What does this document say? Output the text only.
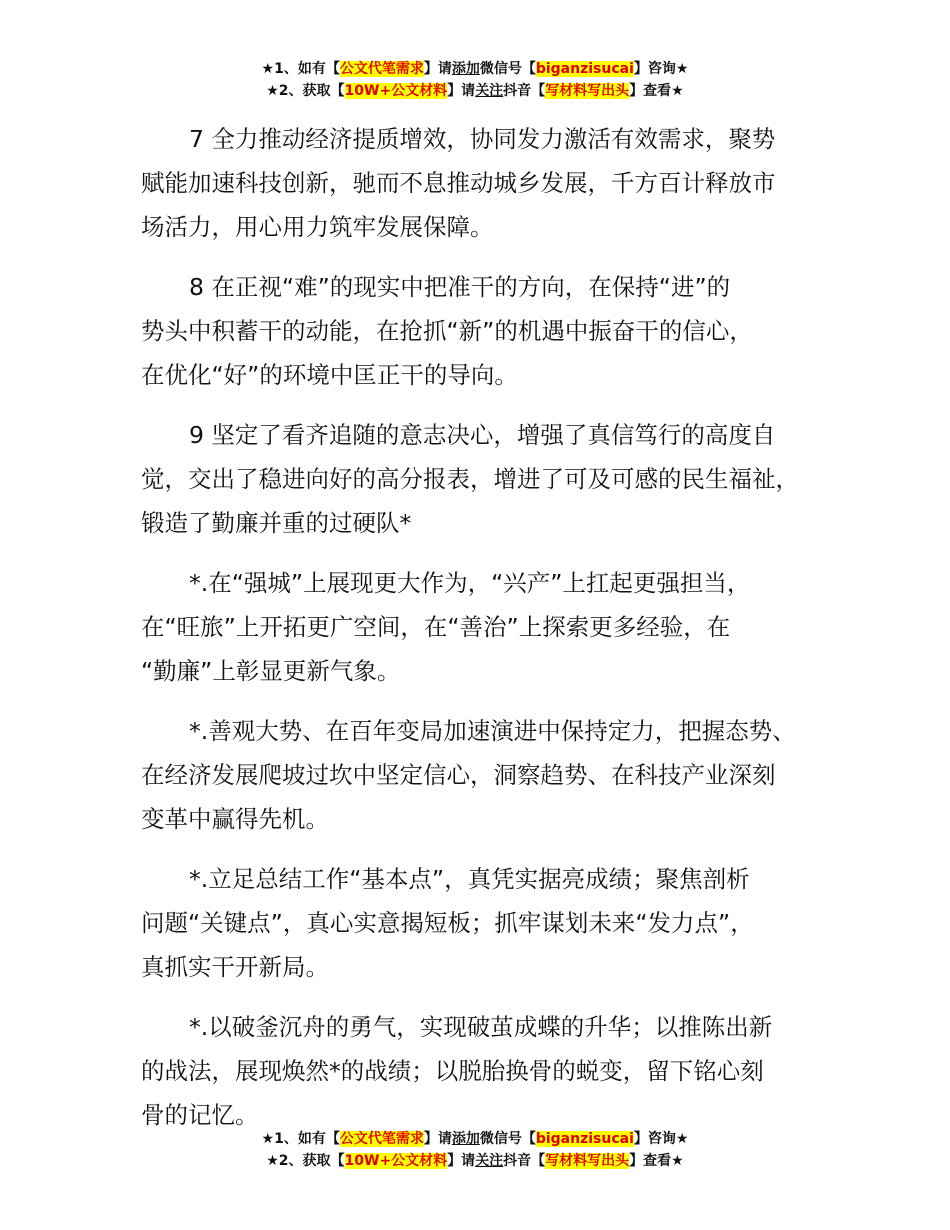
★1、如有【公文代笔需求】请添加微信号【biganzisucai】咨询★
★2、获取【10W+公文材料】请关注抖音【写材料写出头】查看★

7 全力推动经济提质增效，协同发力激活有效需求，聚势
赋能加速科技创新，驰而不息推动城乡发展，千方百计释放市
场活力，用心用力筑牢发展保障。

8 在正视“难”的现实中把准干的方向，在保持“进”的
势头中积蓄干的动能，在抢抓“新”的机遇中振奋干的信心，
在优化“好”的环境中匡正干的导向。

9 坚定了看齐追随的意志决心，增强了真信笃行的高度自
觉，交出了稳进向好的高分报表，增进了可及可感的民生福祉，
锻造了勤廉并重的过硬队*

*.在“强城”上展现更大作为，“兴产”上扛起更强担当，
在“旺旅”上开拓更广空间，在“善治”上探索更多经验，在
“勤廉”上彰显更新气象。

*.善观大势、在百年变局加速演进中保持定力，把握态势、
在经济发展爬坡过坎中坚定信心，洞察趋势、在科技产业深刻
变革中赢得先机。

*.立足总结工作“基本点”，真凭实据亮成绩；聚焦剖析
问题“关键点”，真心实意揭短板；抓牢谋划未来“发力点”，
真抓实干开新局。

*.以破釜沉舟的勇气，实现破茧成蝶的升华；以推陈出新
的战法，展现焕然*的战绩；以脱胎换骨的蜕变，留下铭心刻
骨的记忆。

★1、如有【公文代笔需求】请添加微信号【biganzisucai】咨询★
★2、获取【10W+公文材料】请关注抖音【写材料写出头】查看★
